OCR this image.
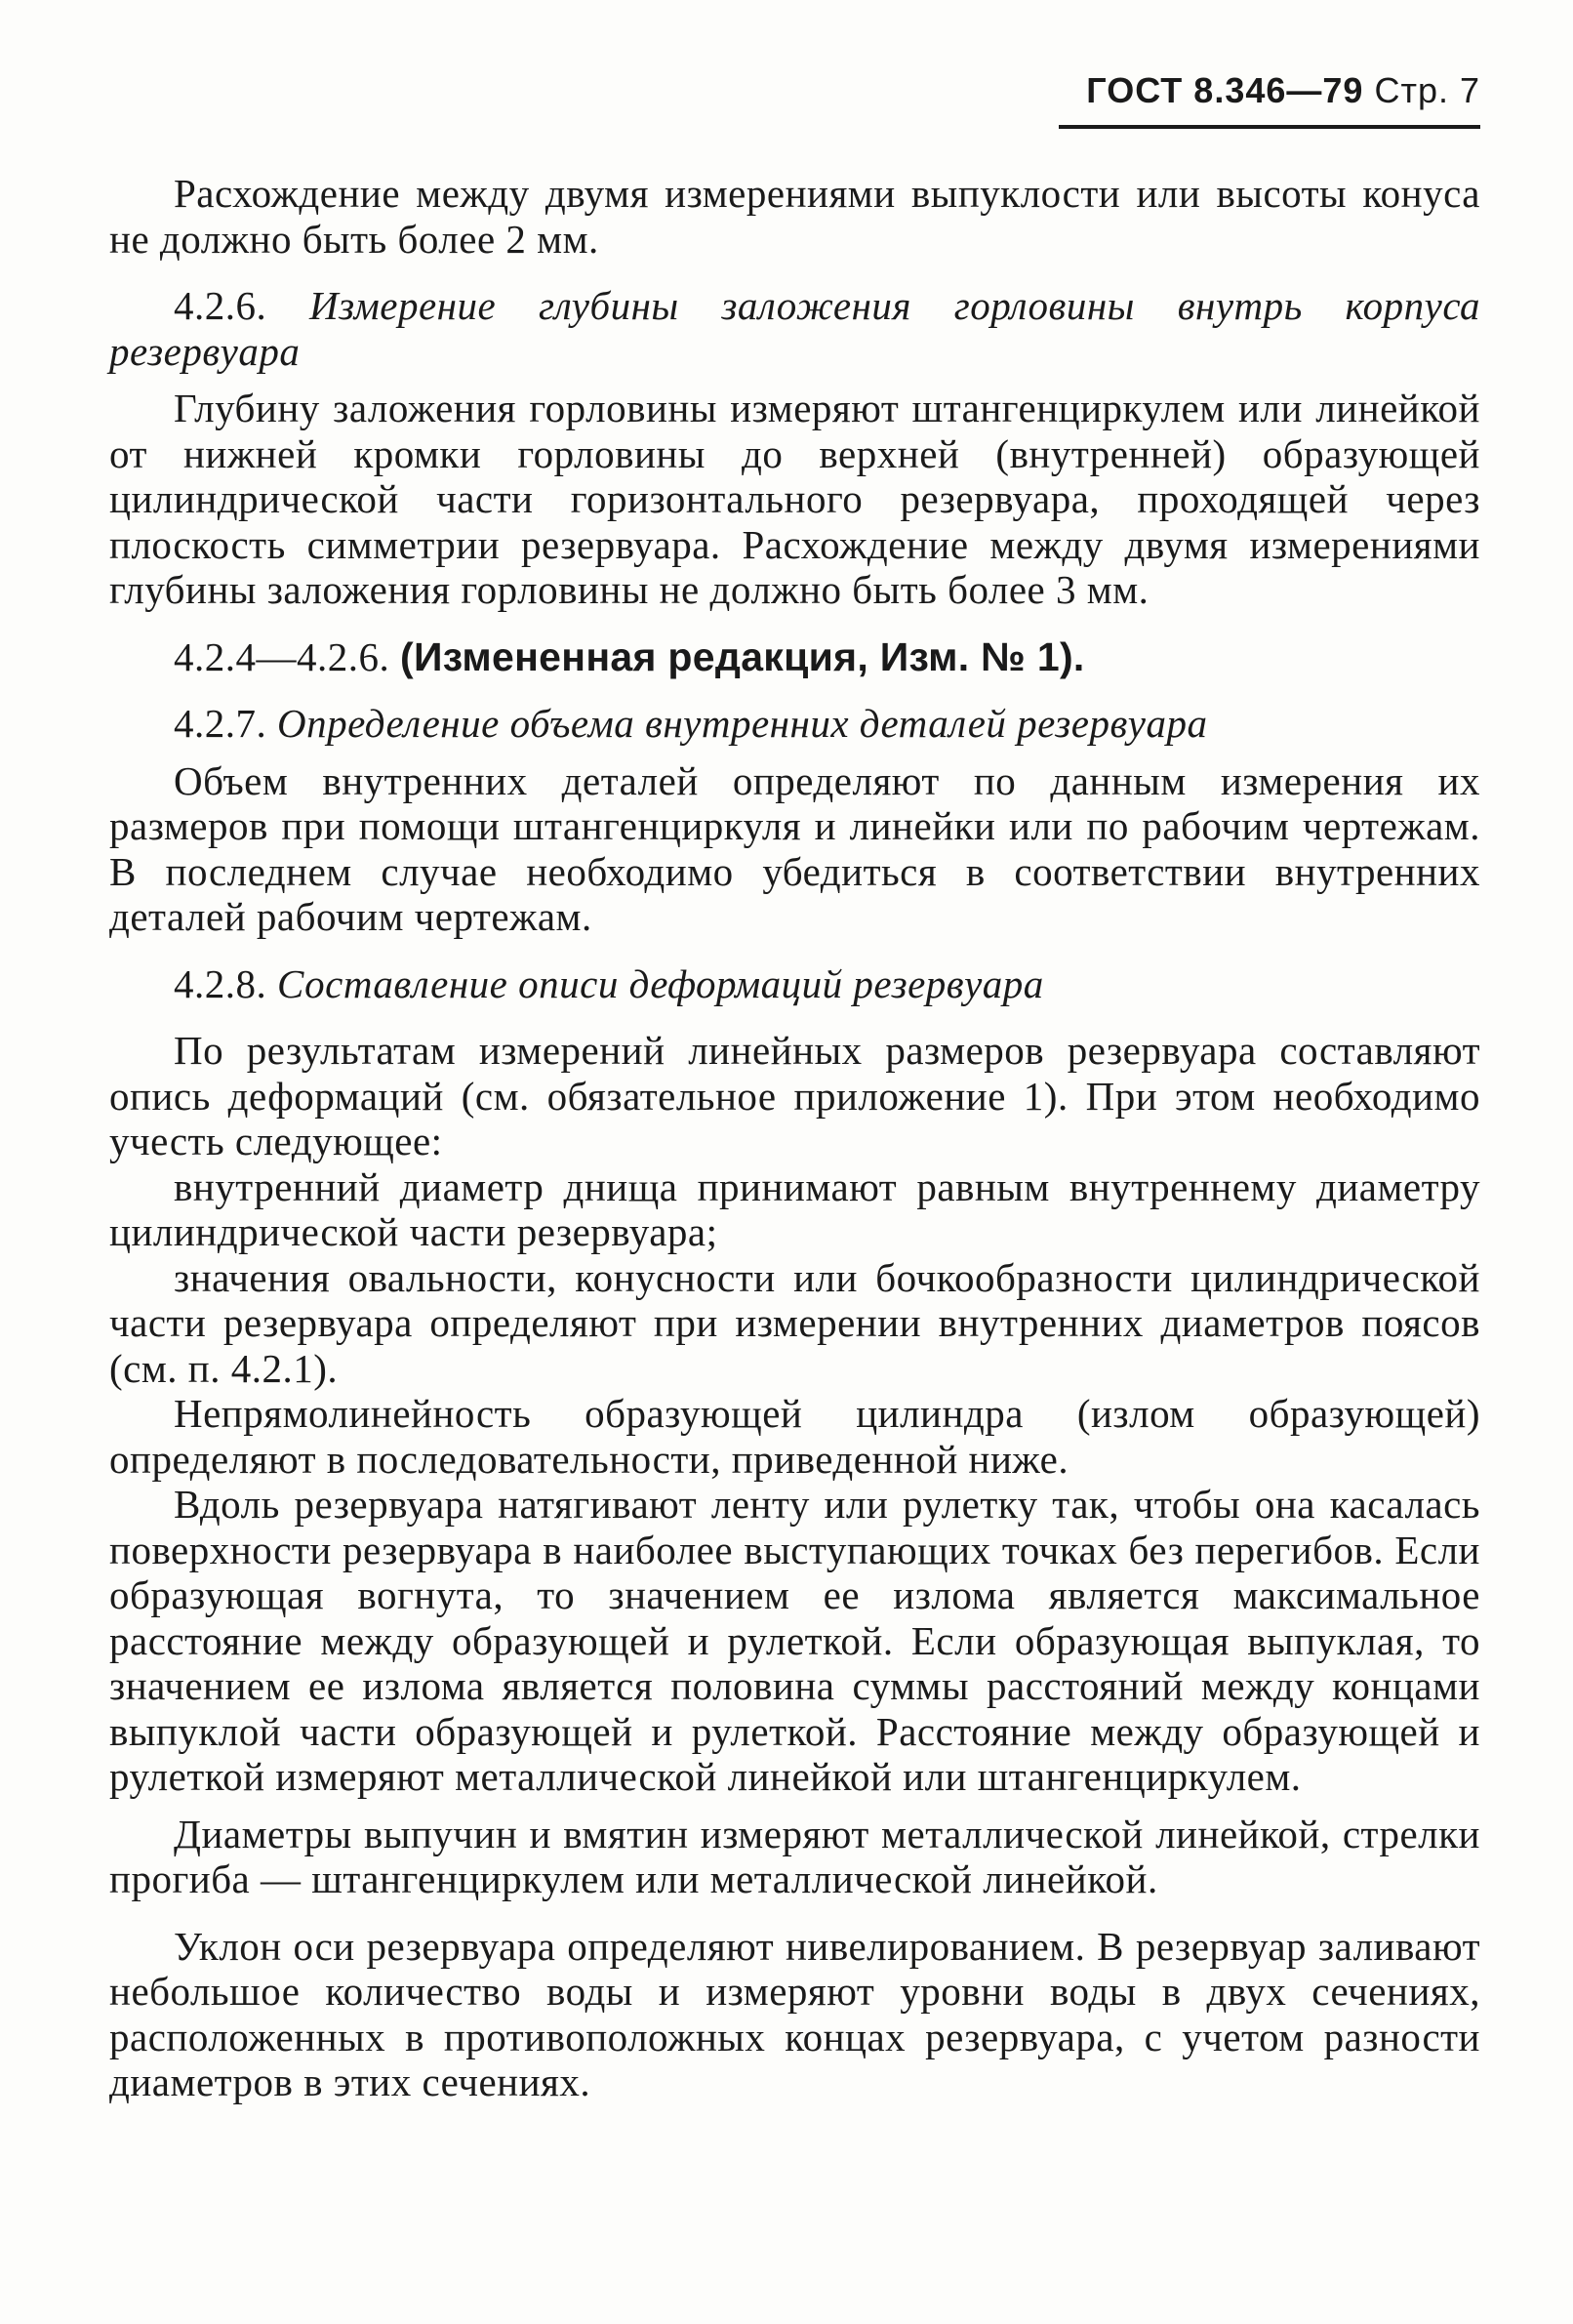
ГОСТ 8.346—79 Стр. 7

Расхождение между двумя измерениями выпуклости или высоты конуса не должно быть более 2 мм.

4.2.6. Измерение глубины заложения горловины внутрь корпуса резервуара

Глубину заложения горловины измеряют штангенциркулем или линейкой от нижней кромки горловины до верхней (внутренней) образующей цилиндрической части горизонтального резервуара, проходящей через плоскость симметрии резервуара. Расхождение между двумя измерениями глубины заложения горловины не должно быть более 3 мм.

4.2.4—4.2.6. (Измененная редакция, Изм. № 1).

4.2.7. Определение объема внутренних деталей резервуара

Объем внутренних деталей определяют по данным измерения их размеров при помощи штангенциркуля и линейки или по рабочим чертежам. В последнем случае необходимо убедиться в соответствии внутренних деталей рабочим чертежам.

4.2.8. Составление описи деформаций резервуара

По результатам измерений линейных размеров резервуара составляют опись деформаций (см. обязательное приложение 1). При этом необходимо учесть следующее:

внутренний диаметр днища принимают равным внутреннему диаметру цилиндрической части резервуара;

значения овальности, конусности или бочкообразности цилиндрической части резервуара определяют при измерении внутренних диаметров поясов (см. п. 4.2.1).

Непрямолинейность образующей цилиндра (излом образующей) определяют в последовательности, приведенной ниже.

Вдоль резервуара натягивают ленту или рулетку так, чтобы она касалась поверхности резервуара в наиболее выступающих точках без перегибов. Если образующая вогнута, то значением ее излома является максимальное расстояние между образующей и рулеткой. Если образующая выпуклая, то значением ее излома является половина суммы расстояний между концами выпуклой части образующей и рулеткой. Расстояние между образующей и рулеткой измеряют металлической линейкой или штангенциркулем.

Диаметры выпучин и вмятин измеряют металлической линейкой, стрелки прогиба — штангенциркулем или металлической линейкой.

Уклон оси резервуара определяют нивелированием. В резервуар заливают небольшое количество воды и измеряют уровни воды в двух сечениях, расположенных в противоположных концах резервуара, с учетом разности диаметров в этих сечениях.
